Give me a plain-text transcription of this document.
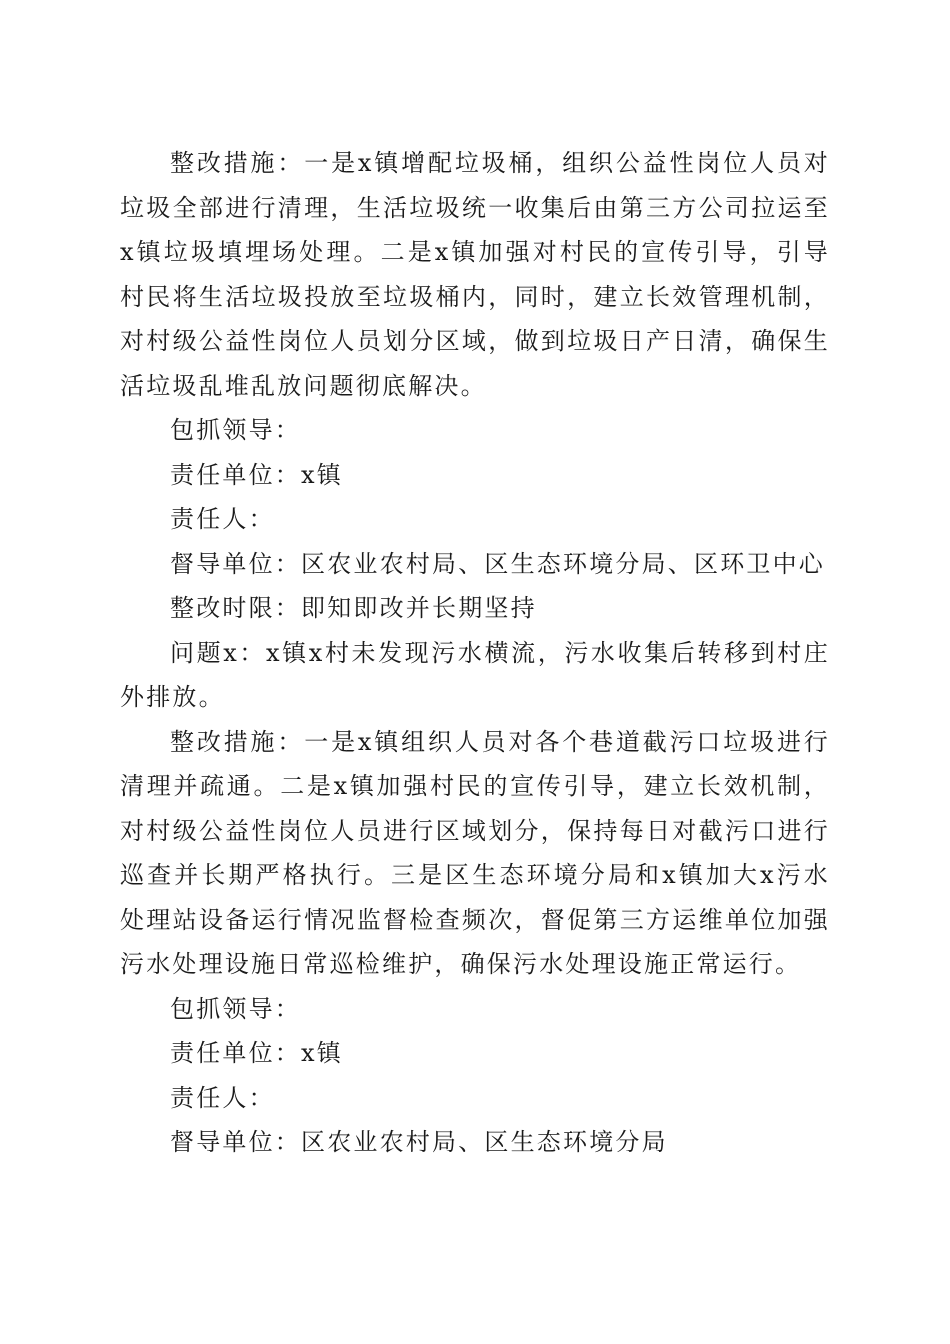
整改措施：一是x镇增配垃圾桶，组织公益性岗位人员对垃圾全部进行清理，生活垃圾统一收集后由第三方公司拉运至x镇垃圾填埋场处理。二是x镇加强对村民的宣传引导，引导村民将生活垃圾投放至垃圾桶内，同时，建立长效管理机制，对村级公益性岗位人员划分区域，做到垃圾日产日清，确保生活垃圾乱堆乱放问题彻底解决。

包抓领导：

责任单位：x镇

责任人：

督导单位：区农业农村局、区生态环境分局、区环卫中心

整改时限：即知即改并长期坚持

问题x：x镇x村未发现污水横流，污水收集后转移到村庄外排放。

整改措施：一是x镇组织人员对各个巷道截污口垃圾进行清理并疏通。二是x镇加强村民的宣传引导，建立长效机制，对村级公益性岗位人员进行区域划分，保持每日对截污口进行巡查并长期严格执行。三是区生态环境分局和x镇加大x污水处理站设备运行情况监督检查频次，督促第三方运维单位加强污水处理设施日常巡检维护，确保污水处理设施正常运行。

包抓领导：

责任单位：x镇

责任人：

督导单位：区农业农村局、区生态环境分局
